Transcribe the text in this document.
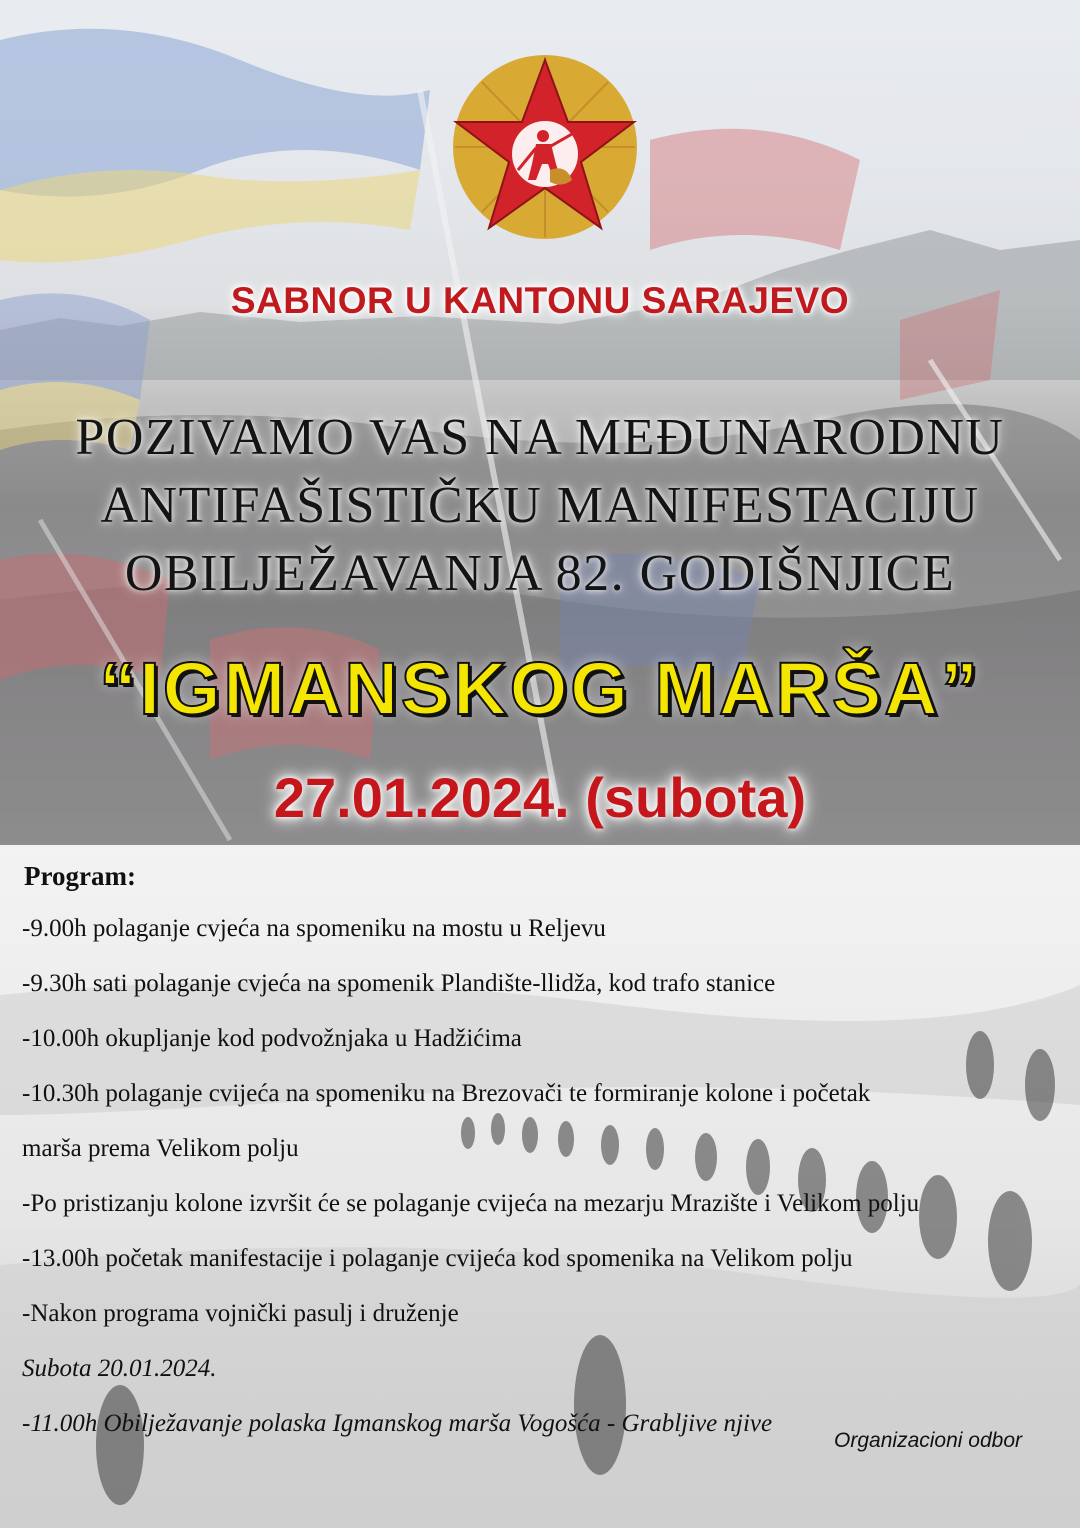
SABNOR U KANTONU SARAJEVO
POZIVAMO VAS NA MEĐUNARODNU
ANTIFAŠISTIČKU MANIFESTACIJU
OBILJEŽAVANJA 82. GODIŠNJICE
“IGMANSKOG MARŠA”
27.01.2024. (subota)
Program:
-9.00h polaganje cvjeća na spomeniku na mostu u Reljevu
-9.30h sati polaganje cvjeća na spomenik Plandište-llidža, kod trafo stanice
-10.00h okupljanje kod podvožnjaka u Hadžićima
-10.30h polaganje cvijeća na spomeniku na Brezovači te formiranje kolone i početak
marša prema Velikom polju
-Po pristizanju kolone izvršit će se polaganje cvijeća na mezarju Mrazište i Velikom polju
-13.00h početak manifestacije i polaganje cvijeća kod spomenika na Velikom polju
-Nakon programa vojnički pasulj i druženje
Subota 20.01.2024.
-11.00h Obilježavanje polaska Igmanskog marša Vogošća - Grabljive njive
Organizacioni odbor
